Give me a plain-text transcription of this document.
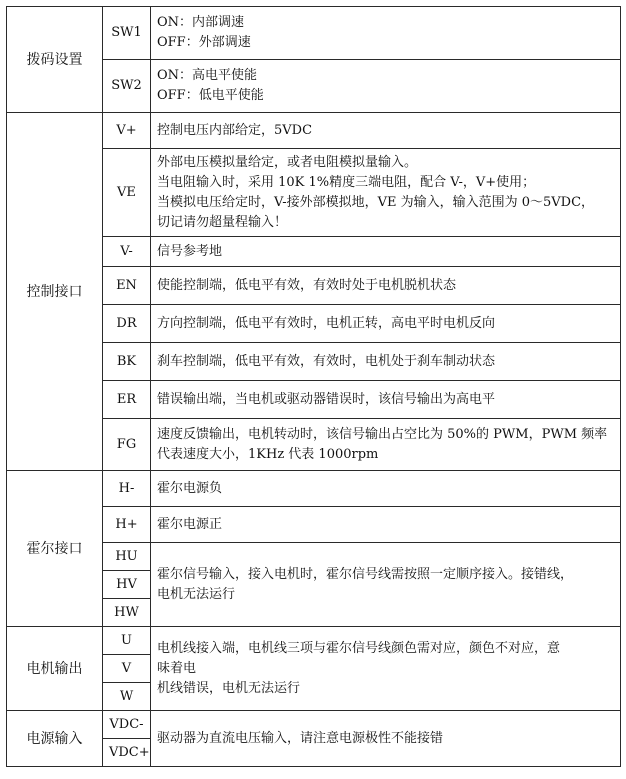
拨码设置	SW1	ON：内部调速
OFF：外部调速

	SW2	ON：高电平使能
OFF：低电平使能

控制接口	V+	控制电压内部给定，5VDC
	VE	外部电压模拟量给定，或者电阻模拟量输入。
当电阻输入时，采用 10K 1%精度三端电阻，配合 V-，V+使用；
当模拟电压给定时，V-接外部模拟地，VE 为输入，输入范围为 0～5VDC，
切记请勿超量程输入！

	V-	信号参考地
	EN	使能控制端，低电平有效，有效时处于电机脱机状态
	DR	方向控制端，低电平有效时，电机正转，高电平时电机反向
	BK	刹车控制端，低电平有效，有效时，电机处于刹车制动状态
	ER	错误输出端，当电机或驱动器错误时，该信号输出为高电平
	FG	速度反馈输出，电机转动时，该信号输出占空比为 50%的 PWM，PWM 频率
代表速度大小，1KHz 代表 1000rpm

霍尔接口	H-	霍尔电源负
	H+	霍尔电源正
	HU	霍尔信号输入，接入电机时，霍尔信号线需按照一定顺序接入。接错线，
电机无法运行

	HV	
	HW	
电机输出	U	电机线接入端，电机线三项与霍尔信号线颜色需对应，颜色不对应，意
味着电
机线错误，电机无法运行

	V	
	W	
电源输入	VDC-	驱动器为直流电压输入，请注意电源极性不能接错
	VDC+	
